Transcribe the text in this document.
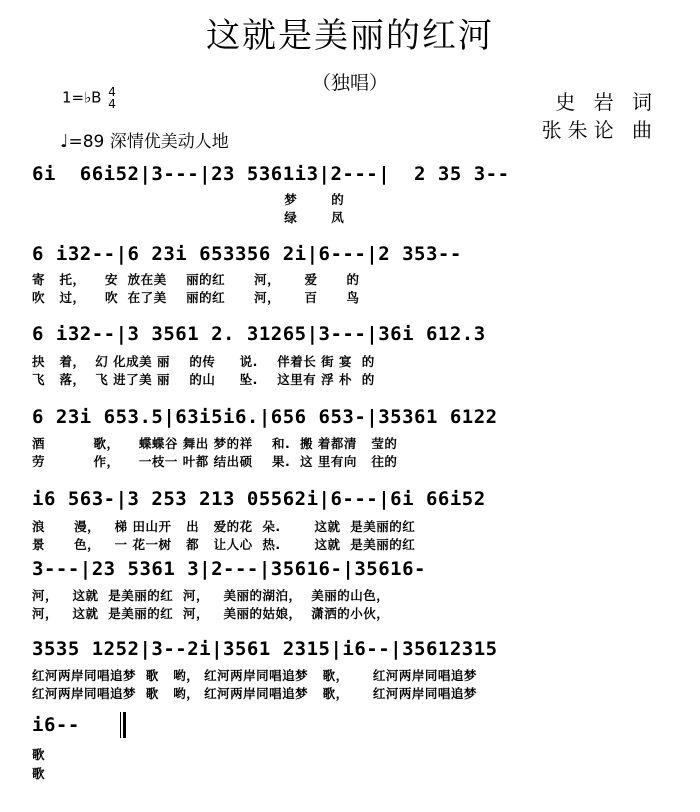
这就是美丽的红河
（独唱）
1=♭B 4
4
♩=89 深情优美动人地
史 岩 词
张朱论 曲
6i  66i52|3---|23 5361i3|2---|  2 35 3--
梦       的
绿       凤
6 i32--|6 23i 653356 2i|6---|2 353--
寄   托，    安  放在美    丽的红      河，     爱      的
吹   过，    吹  在了美    丽的红      河，     百      鸟
6 i32--|3 3561 2. 31265|3---|36i 612.3
抉   着，  幻 化成美 丽    的传     说.    伴着长 街 宴  的
飞   落，  飞 进了美 丽    的山     坠.    这里有 浮 朴  的
6 23i 653.5|63i5i6.|656 653-|35361 6122
酒          歌，    蝶蝶谷 舞出 梦的祥    和.  搬 着都清   莹的
劳          作，    一枝一 叶都 结出硕    果.  这 里有向   往的
i6 563-|3 253 213 05562i|6---|6i 66i52
浪      漫，   梯 田山开   出   爱的花  朵.       这就  是美丽的红
景      色，   一 花一树   都   让人心  热.       这就  是美丽的红
3---|23 5361 3|2---|35616-|35616-
河，   这就  是美丽的红  河，   美丽的湖泊，  美丽的山色，
河，   这就  是美丽的红  河，   美丽的姑娘，  潇洒的小伙，
3535 1252|3--2i|3561 2315|i6--|35612315
红河两岸同唱追梦  歌   哟， 红河两岸同唱追梦   歌，     红河两岸同唱追梦
红河两岸同唱追梦  歌   哟， 红河两岸同唱追梦   歌，     红河两岸同唱追梦
i6--
歌
歌
